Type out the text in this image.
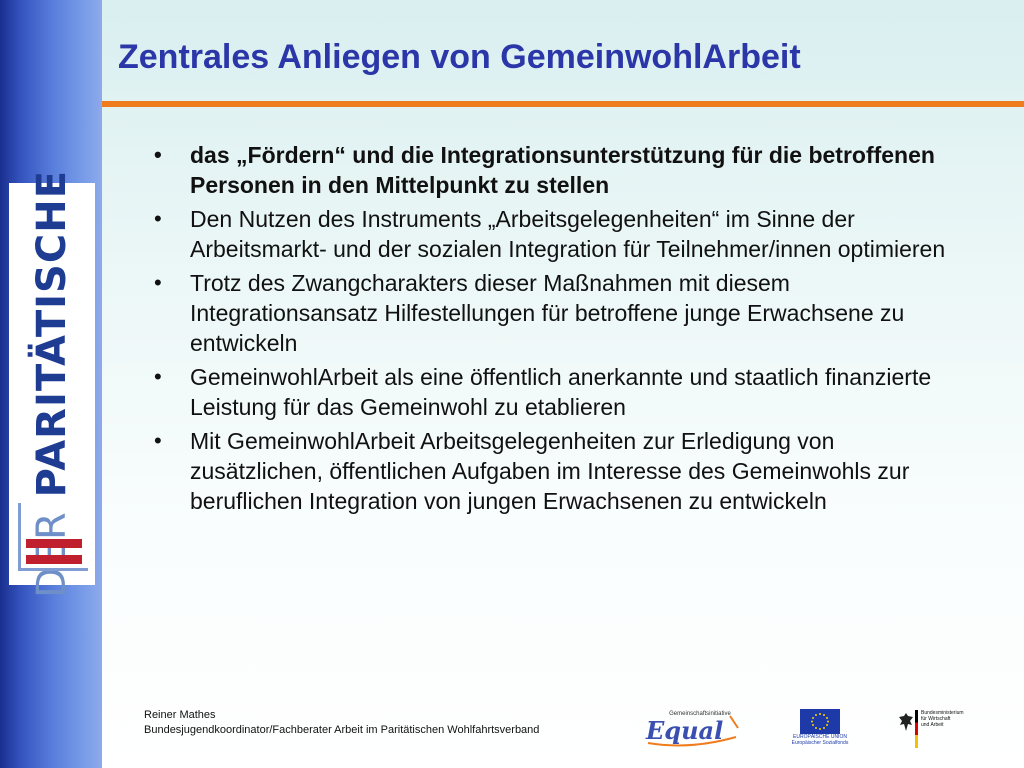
PARITÄTISCHE
Zentrales Anliegen von GemeinwohlArbeit
• das „Fördern“ und die Integrationsunterstützung für die betroffenen Personen in den Mittelpunkt zu stellen
• Den Nutzen des Instruments „Arbeitsgelegenheiten“ im Sinne der Arbeitsmarkt- und der sozialen Integration für Teilnehmer/innen optimieren
• Trotz des Zwangcharakters dieser Maßnahmen mit diesem Integrationsansatz Hilfestellungen für betroffene junge Erwachsene zu entwickeln
• GemeinwohlArbeit als eine öffentlich anerkannte und staatlich finanzierte Leistung für das Gemeinwohl zu etablieren
• Mit GemeinwohlArbeit Arbeitsgelegenheiten zur Erledigung von zusätzlichen, öffentlichen Aufgaben im Interesse des Gemeinwohls zur beruflichen Integration von jungen Erwachsenen zu entwickeln
Reiner Mathes
Bundesjugendkoordinator/Fachberater Arbeit im Paritätischen Wohlfahrtsverband
Gemeinschaftsinitiative
Equal	EUROPÄISCHE UNION
Europäischer Sozialfonds
Bundesministerium
für Wirtschaft
und Arbeit
